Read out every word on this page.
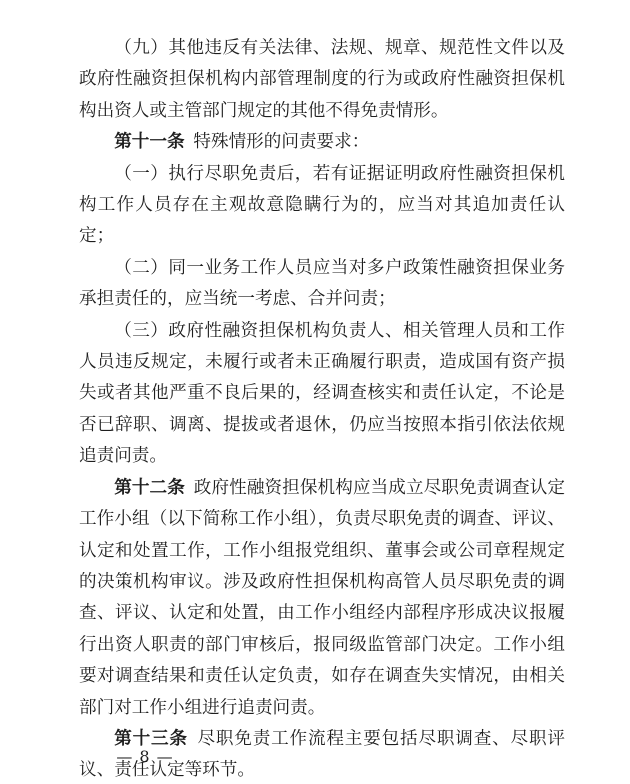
（九）其他违反有关法律、法规、规章、规范性文件以及政府性融资担保机构内部管理制度的行为或政府性融资担保机构出资人或主管部门规定的其他不得免责情形。

第十一条  特殊情形的问责要求：

（一）执行尽职免责后，若有证据证明政府性融资担保机构工作人员存在主观故意隐瞒行为的，应当对其追加责任认定；

（二）同一业务工作人员应当对多户政策性融资担保业务承担责任的，应当统一考虑、合并问责；

（三）政府性融资担保机构负责人、相关管理人员和工作人员违反规定，未履行或者未正确履行职责，造成国有资产损失或者其他严重不良后果的，经调查核实和责任认定，不论是否已辞职、调离、提拔或者退休，仍应当按照本指引依法依规追责问责。

第十二条  政府性融资担保机构应当成立尽职免责调查认定工作小组（以下简称工作小组），负责尽职免责的调查、评议、认定和处置工作，工作小组报党组织、董事会或公司章程规定的决策机构审议。涉及政府性担保机构高管人员尽职免责的调查、评议、认定和处置，由工作小组经内部程序形成决议报履行出资人职责的部门审核后，报同级监管部门决定。工作小组要对调查结果和责任认定负责，如存在调查失实情况，由相关部门对工作小组进行追责问责。

第十三条  尽职免责工作流程主要包括尽职调查、尽职评议、责任认定等环节。

— 8 —
